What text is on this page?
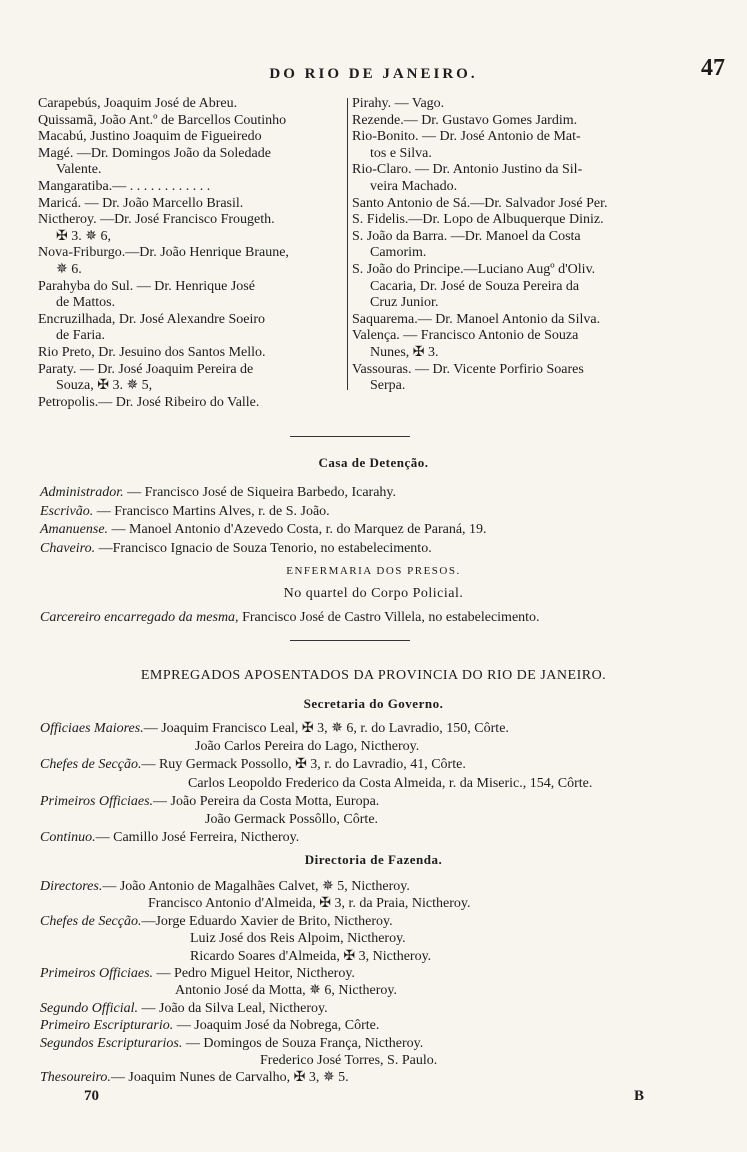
DO RIO DE JANEIRO.	47
Carapebús, Joaquim José de Abreu.
Quissamã, João Ant.º de Barcellos Coutinho
Macabú, Justino Joaquim de Figueiredo
Magé. —Dr. Domingos João da Soledade
Valente.
Mangaratiba.— . . . . . . . . . . . .
Maricá. — Dr. João Marcello Brasil.
Nictheroy. —Dr. José Francisco Frougeth.
✠ 3. ✵ 6,
Nova-Friburgo.—Dr. João Henrique Braune,
✵ 6.
Parahyba do Sul. — Dr. Henrique José
de Mattos.
Encruzilhada, Dr. José Alexandre Soeiro
de Faria.
Rio Preto, Dr. Jesuino dos Santos Mello.
Paraty. — Dr. José Joaquim Pereira de
Souza, ✠ 3. ✵ 5,
Petropolis.— Dr. José Ribeiro do Valle.
Pirahy. — Vago.
Rezende.— Dr. Gustavo Gomes Jardim.
Rio-Bonito. — Dr. José Antonio de Mat-
tos e Silva.
Rio-Claro. — Dr. Antonio Justino da Sil-
veira Machado.
Santo Antonio de Sá.—Dr. Salvador José Per.
S. Fidelis.—Dr. Lopo de Albuquerque Diniz.
S. João da Barra. —Dr. Manoel da Costa
Camorim.
S. João do Principe.—Luciano Augº d'Oliv.
Cacaria, Dr. José de Souza Pereira da
Cruz Junior.
Saquarema.— Dr. Manoel Antonio da Silva.
Valença. — Francisco Antonio de Souza
Nunes, ✠ 3.
Vassouras. — Dr. Vicente Porfirio Soares
Serpa.
Casa de Detenção.
Administrador. — Francisco José de Siqueira Barbedo, Icarahy.
Escrivão. — Francisco Martins Alves, r. de S. João.
Amanuense. — Manoel Antonio d'Azevedo Costa, r. do Marquez de Paraná, 19.
Chaveiro. —Francisco Ignacio de Souza Tenorio, no estabelecimento.
ENFERMARIA DOS PRESOS.
No quartel do Corpo Policial.
Carcereiro encarregado da mesma, Francisco José de Castro Villela, no estabelecimento.
EMPREGADOS APOSENTADOS DA PROVINCIA DO RIO DE JANEIRO.
Secretaria do Governo.
Officiaes Maiores.— Joaquim Francisco Leal, ✠ 3, ✵ 6, r. do Lavradio, 150, Côrte.
João Carlos Pereira do Lago, Nictheroy.
Chefes de Secção.— Ruy Germack Possollo, ✠ 3, r. do Lavradio, 41, Côrte.
Carlos Leopoldo Frederico da Costa Almeida, r. da Miseric., 154, Côrte.
Primeiros Officiaes.— João Pereira da Costa Motta, Europa.
João Germack Possôllo, Côrte.
Continuo.— Camillo José Ferreira, Nictheroy.
Directoria de Fazenda.
Directores.— João Antonio de Magalhães Calvet, ✵ 5, Nictheroy.
Francisco Antonio d'Almeida, ✠ 3, r. da Praia, Nictheroy.
Chefes de Secção.—Jorge Eduardo Xavier de Brito, Nictheroy.
Luiz José dos Reis Alpoim, Nictheroy.
Ricardo Soares d'Almeida, ✠ 3, Nictheroy.
Primeiros Officiaes. — Pedro Miguel Heitor, Nictheroy.
Antonio José da Motta, ✵ 6, Nictheroy.
Segundo Official. — João da Silva Leal, Nictheroy.
Primeiro Escripturario. — Joaquim José da Nobrega, Côrte.
Segundos Escripturarios. — Domingos de Souza França, Nictheroy.
Frederico José Torres, S. Paulo.
Thesoureiro.— Joaquim Nunes de Carvalho, ✠ 3, ✵ 5.
70	B
